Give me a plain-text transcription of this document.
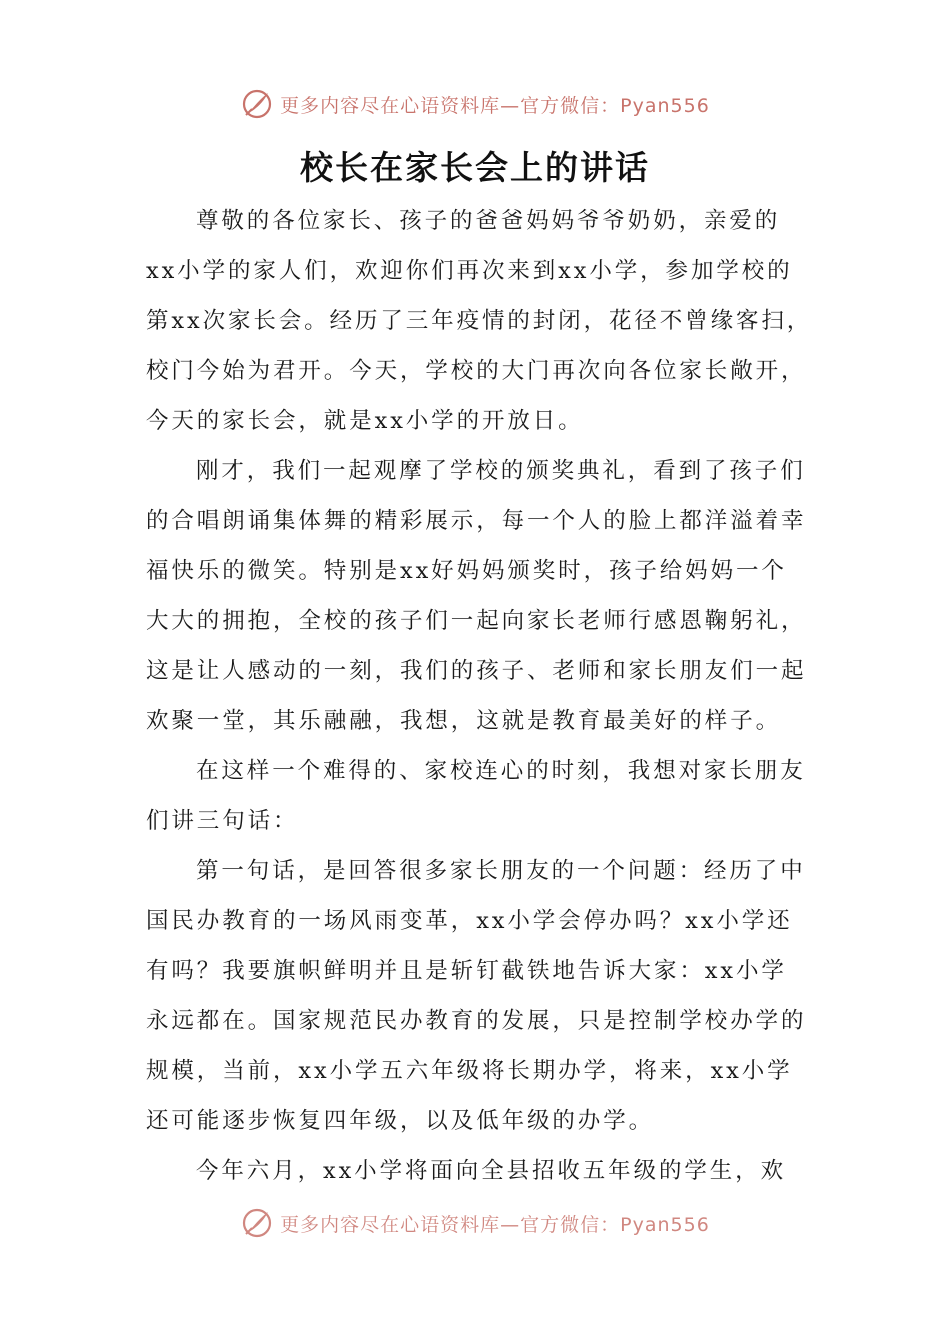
更多内容尽在心语资料库—官方微信：Pyan556
校长在家长会上的讲话
尊敬的各位家长、孩子的爸爸妈妈爷爷奶奶，亲爱的
xx小学的家人们，欢迎你们再次来到xx小学，参加学校的
第xx次家长会。经历了三年疫情的封闭，花径不曾缘客扫，
校门今始为君开。今天，学校的大门再次向各位家长敞开，
今天的家长会，就是xx小学的开放日。
刚才，我们一起观摩了学校的颁奖典礼，看到了孩子们
的合唱朗诵集体舞的精彩展示，每一个人的脸上都洋溢着幸
福快乐的微笑。特别是xx好妈妈颁奖时，孩子给妈妈一个
大大的拥抱，全校的孩子们一起向家长老师行感恩鞠躬礼，
这是让人感动的一刻，我们的孩子、老师和家长朋友们一起
欢聚一堂，其乐融融，我想，这就是教育最美好的样子。
在这样一个难得的、家校连心的时刻，我想对家长朋友
们讲三句话：
第一句话，是回答很多家长朋友的一个问题：经历了中
国民办教育的一场风雨变革，xx小学会停办吗？xx小学还
有吗？我要旗帜鲜明并且是斩钉截铁地告诉大家：xx小学
永远都在。国家规范民办教育的发展，只是控制学校办学的
规模，当前，xx小学五六年级将长期办学，将来，xx小学
还可能逐步恢复四年级，以及低年级的办学。
今年六月，xx小学将面向全县招收五年级的学生，欢
更多内容尽在心语资料库—官方微信：Pyan556
